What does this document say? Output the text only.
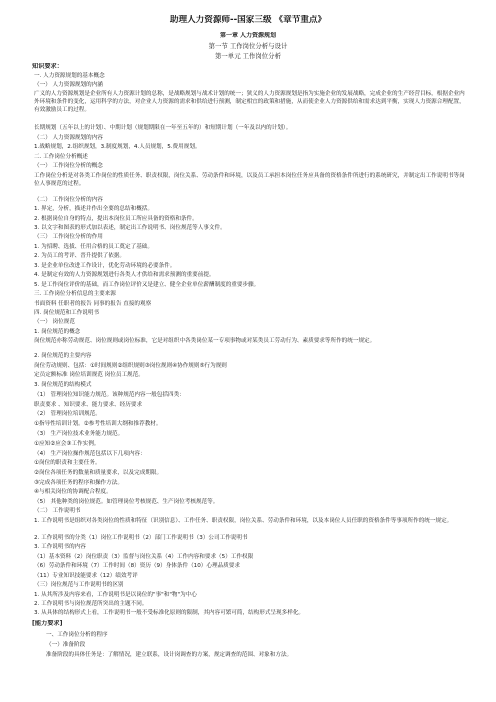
助理人力资源师--国家三级 《章节重点》
第一章 人力资源规划
第一节 工作岗位分析与设计
第一单元 工作岗位分析
知识要求：
一. 人力资源规划的基本概念
（一） 人力资源规划的内涵
广义的人力资源规划是企业所有人力资源计划的总称，是战略规划与战术计划的统一；狭义的人力资源规划是指为实施企业的发展战略，完成企业的生产经营目标，根据企业内外环境和条件的变化，运用科学的方法，对企业人力资源的需求和供给进行预测，制定相宜的政策和措施，从而使企业人力资源供给和需求达到平衡，实现人力资源合理配置，有效激励员工的过程。
长期规划（五年以上的计划）、中期计划（规划期限在一年至五年的）和短期计划（一年及以内的计划）。
（二） 人力资源规划的内容
1.战略规划，2.组织规划，3.制度规划，4.人员规划，5.费用规划。
二. 工作岗位分析概述
（一） 工作岗位分析的概念
工作岗位分析是对各类工作岗位的性质任务、职责权限，岗位关系、劳动条件和环境，以及员工承担本岗位任务应具备的资格条件所进行的系统研究，并制定出工作说明书等岗位人事规范的过程。
（二） 工作岗位分析的内容
1. 界定，分析，描述并作出全要的总结和概括。
2. 根据岗位自身的特点，提出本岗位员工所应具备的资格和条件。
3. 以文字和图表的形式加以表述，制定出工作说明书、岗位规范等人事文件。
（三） 工作岗位分析的作用
1. 为招聘、选拔、任用合格的员工奠定了基础。
2. 为员工的考评、晋升提供了依据。
3. 是企业单位改进工作设计，优化劳动环境的必要条件。
4. 是制定有效的人力资源规划进行各类人才供给和需求预测的重要前提。
5. 是工作岗位评价的基础，而工作岗位评价又是建立、健全企业单位薪酬制度的重要步骤。
三. 工作岗位分析信息的主要来源
书面资料 任职者的报告 同事的报告 直接的观察
四. 岗位规范和工作说明书
（一） 岗位规范
1. 岗位规范的概念
岗位规范亦称劳动规范、岗位规则或岗位标准，它是对组织中各类岗位某一专项事物或对某类员工劳动行为、素质要求等所作的统一规定。
2. 岗位规范的主要内容
岗位劳动规则、包括：①时间规则②组织规则③岗位规则④协作规则⑤行为规则
定员定额标准 岗位培训规范 岗位员工规范。
3. 岗位规范的结构模式
（1） 管理岗位知识能力规范。该种规范内容一般包括四类：
职责要求 、知识要求、能力要求、经历要求
（2） 管理岗位培训规范。
①指导性培训计划。②参考性培训大纲和推荐教材。
（3） 生产岗位技术业务能力规范。
①应知②应会③工作实例。
（4） 生产岗位操作规范包括以下几项内容：
①岗位的职责和主要任务。
②岗位各项任务的数量和质量要求，以及完成期限。
③完成各项任务的程序和操作方法。
④与相关岗位的协调配合程度。
（5） 其他种类的岗位规范。如管理岗位考核规范、生产岗位考核规范等。
（二） 工作说明书
1. 工作说明书是组织对各类岗位的性质和特征（识别信息）、工作任务、职责权限，岗位关系、劳动条件和环境，以及本岗位人员任职的资格条件等事项所作的统一规定。
2. 工作说明书的分类（1）岗位工作说明书（2）部门工作说明书（3）公司工作说明书
3. 工作说明书的内容
（1）基本资料（2）岗位职责（3）监督与岗位关系（4）工作内容和要求（5）工作权限
（6）劳动条件和环境（7）工作时间（8）资历（9）身体条件（10）心理品质要求
（11）专业知识技能要求（12）绩效考评
（三）岗位规范与工作说明书的区别
1. 从其所涉及内容来看，工作说明书是以岗位的"事"和"物"为中心
2. 工作说明书与岗位规范所突出的主题不同。
3. 从具体的结构形式上看，工作说明书一般不受标准化原则的限制，其内容可繁可简，结构形式呈现多样化。
[能力要求]
一、工作岗位分析的程序
（一）准备阶段
准备阶段的具体任务是：了解情况，建立联系，设计岗调查的方案，规定调查的范围、对象和方法。
